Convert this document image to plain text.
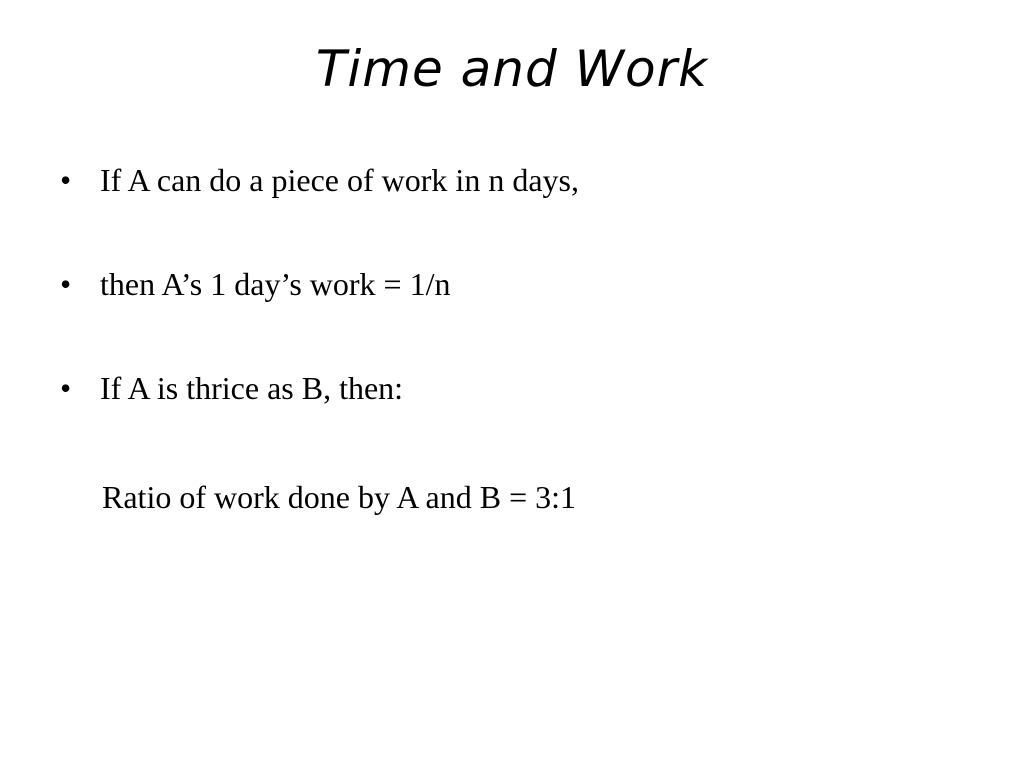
Time and Work
• If A can do a piece of work in n days,
• then A’s 1 day’s work = 1/n
• If A is thrice as B, then:
Ratio of work done by A and B = 3:1
